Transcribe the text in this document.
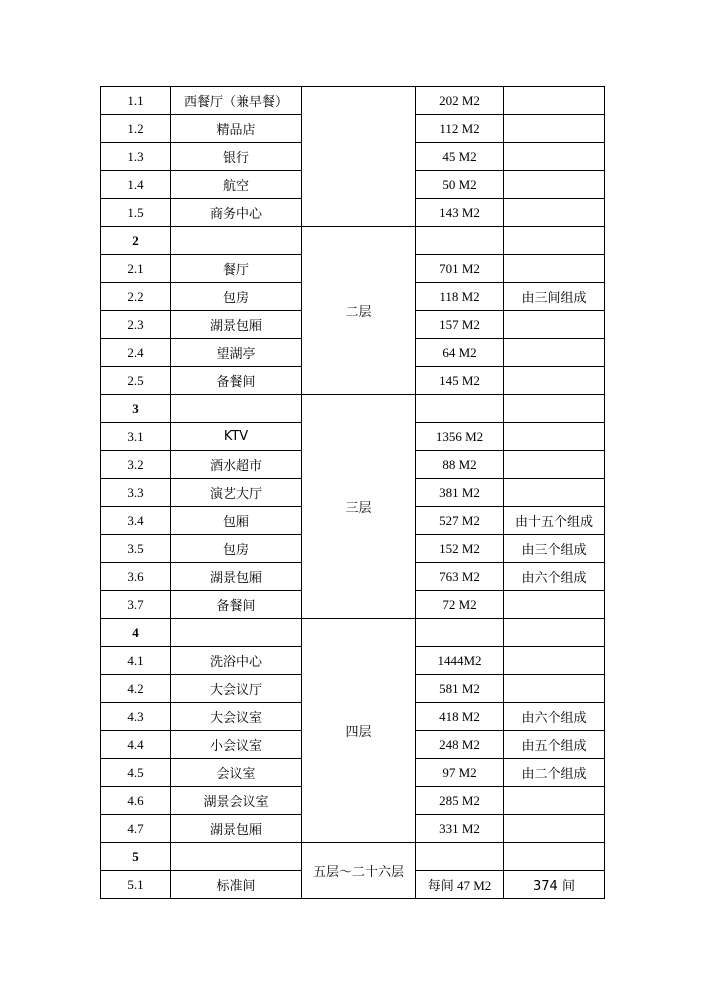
1.1	西餐厅（兼早餐）		202 M2	
1.2	精品店		112 M2	
1.3	银行		45 M2	
1.4	航空		50 M2	
1.5	商务中心		143 M2	
2		二层		
2.1	餐厅		701 M2	
2.2	包房		118 M2	由三间组成
2.3	湖景包厢		157 M2	
2.4	望湖亭		64 M2	
2.5	备餐间		145 M2	
3		三层		
3.1	KTV		1356 M2	
3.2	酒水超市		88 M2	
3.3	演艺大厅		381 M2	
3.4	包厢		527 M2	由十五个组成
3.5	包房		152 M2	由三个组成
3.6	湖景包厢		763 M2	由六个组成
3.7	备餐间		72 M2	
4		四层		
4.1	洗浴中心		1444M2	
4.2	大会议厅		581 M2	
4.3	大会议室		418 M2	由六个组成
4.4	小会议室		248 M2	由五个组成
4.5	会议室		97 M2	由二个组成
4.6	湖景会议室		285 M2	
4.7	湖景包厢		331 M2	
5		五层～二十六层		
5.1	标准间		每间 47 M2	374 间
